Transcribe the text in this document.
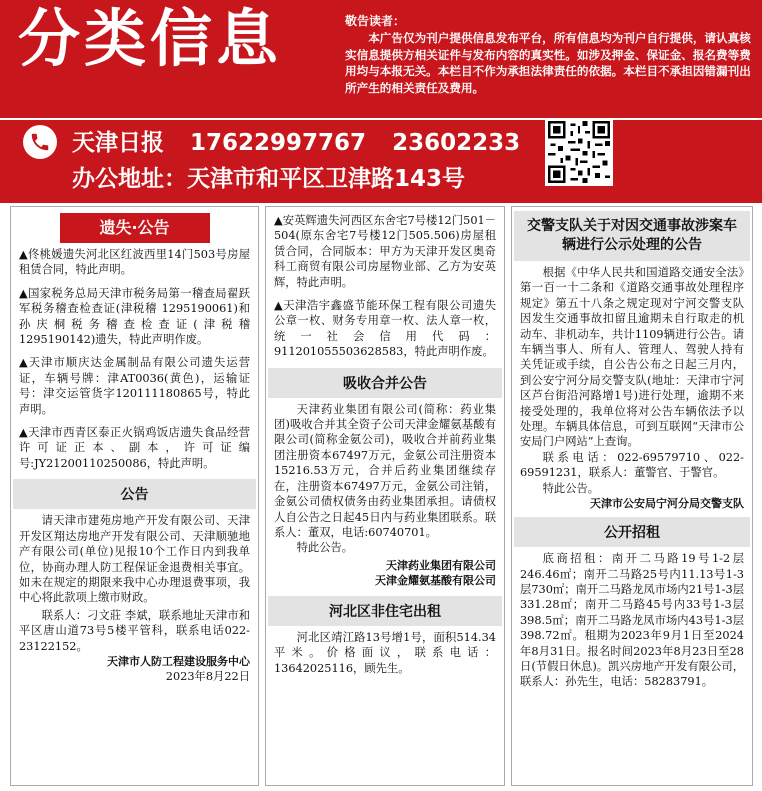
分类信息	敬告读者：

本广告仅为刊户提供信息发布平台，所有信息均为刊户自行提供，请认真核实信息提供方相关证件与发布内容的真实性。如涉及押金、保证金、报名费等费用均与本报无关。本栏目不作为承担法律责任的依据。本栏目不承担因错漏刊出所产生的相关责任及费用。

天津日报 17622997767 23602233
办公地址：天津市和平区卫津路143号
遗失·公告

▲佟桃媛遗失河北区红波西里14门503号房屋租赁合同，特此声明。

▲国家税务总局天津市税务局第一稽查局翟跃军税务稽查检查证(津税稽 1295190061)和孙庆桐税务稽查检查证(津税稽 1295190142)遗失，特此声明作废。

▲天津市顺庆达金属制品有限公司遗失运营证，车辆号牌：津AT0036(黄色)，运输证号：津交运管货字120111180865号，特此声明。

▲天津市西青区泰正火锅鸡饭店遗失食品经营许可证正本、副本，许可证编号:JY21200110250086，特此声明。

公告

请天津市建苑房地产开发有限公司、天津开发区翔达房地产开发有限公司、天津顺驰地产有限公司(单位)见报10个工作日内到我单位，协商办理人防工程保证金退费相关事宜。如未在规定的期限来我中心办理退费事项，我中心将此款项上缴市财政。

联系人：刁文莊 李斌，联系地址天津市和平区唐山道73号5楼平管科，联系电话022-23122152。

天津市人防工程建设服务中心
2023年8月22日

▲安英辉遗失河西区东舍宅7号楼12门501－504(原东舍宅7号楼12门505.506)房屋租赁合同，合同版本：甲方为天津开发区奥奇科工商贸有限公司房屋物业部、乙方为安英辉，特此声明。

▲天津浩宇鑫盛节能环保工程有限公司遗失公章一枚、财务专用章一枚、法人章一枚，统一社会信用代码：911201055503628583，特此声明作废。

吸收合并公告

天津药业集团有限公司(简称：药业集团)吸收合并其全资子公司天津金耀氨基酸有限公司(简称金氨公司)，吸收合并前药业集团注册资本67497万元，金氨公司注册资本15216.53万元，合并后药业集团继续存在，注册资本67497万元，金氨公司注销，金氨公司债权债务由药业集团承担。请债权人自公告之日起45日内与药业集团联系。联系人：董双，电话:60740701。

特此公告。

天津药业集团有限公司
天津金耀氨基酸有限公司
河北区非住宅出租

河北区靖江路13号增1号，面积514.34平米。价格面议，联系电话：13642025116，顾先生。

交警支队关于对因交通事故涉案车辆进行公示处理的公告

根据《中华人民共和国道路交通安全法》第一百一十二条和《道路交通事故处理程序规定》第五十八条之规定现对宁河交警支队因发生交通事故扣留且逾期未自行取走的机动车、非机动车，共计1109辆进行公告。请车辆当事人、所有人、管理人、驾驶人持有关凭证或手续，自公告公布之日起三月内，到公安宁河分局交警支队(地址：天津市宁河区芦台街沿河路增1号)进行处理，逾期不来接受处理的，我单位将对公告车辆依法予以处理。车辆具体信息，可到互联网“天津市公安局门户网站”上查询。

联系电话：022-69579710、022-69591231，联系人：董警官、于警官。

特此公告。

天津市公安局宁河分局交警支队
公开招租

底商招租：南开二马路19号1-2层246.46㎡；南开二马路25号内11.13号1-3层730㎡；南开二马路龙凤市场内21号1-3层331.28㎡；南开二马路45号内33号1-3层398.5㎡；南开二马路龙凤市场内43号1-3层398.72㎡。租期为2023年9月1日至2024年8月31日。报名时间2023年8月23日至28日(节假日休息)。凯兴房地产开发有限公司，联系人：孙先生，电话：58283791。
